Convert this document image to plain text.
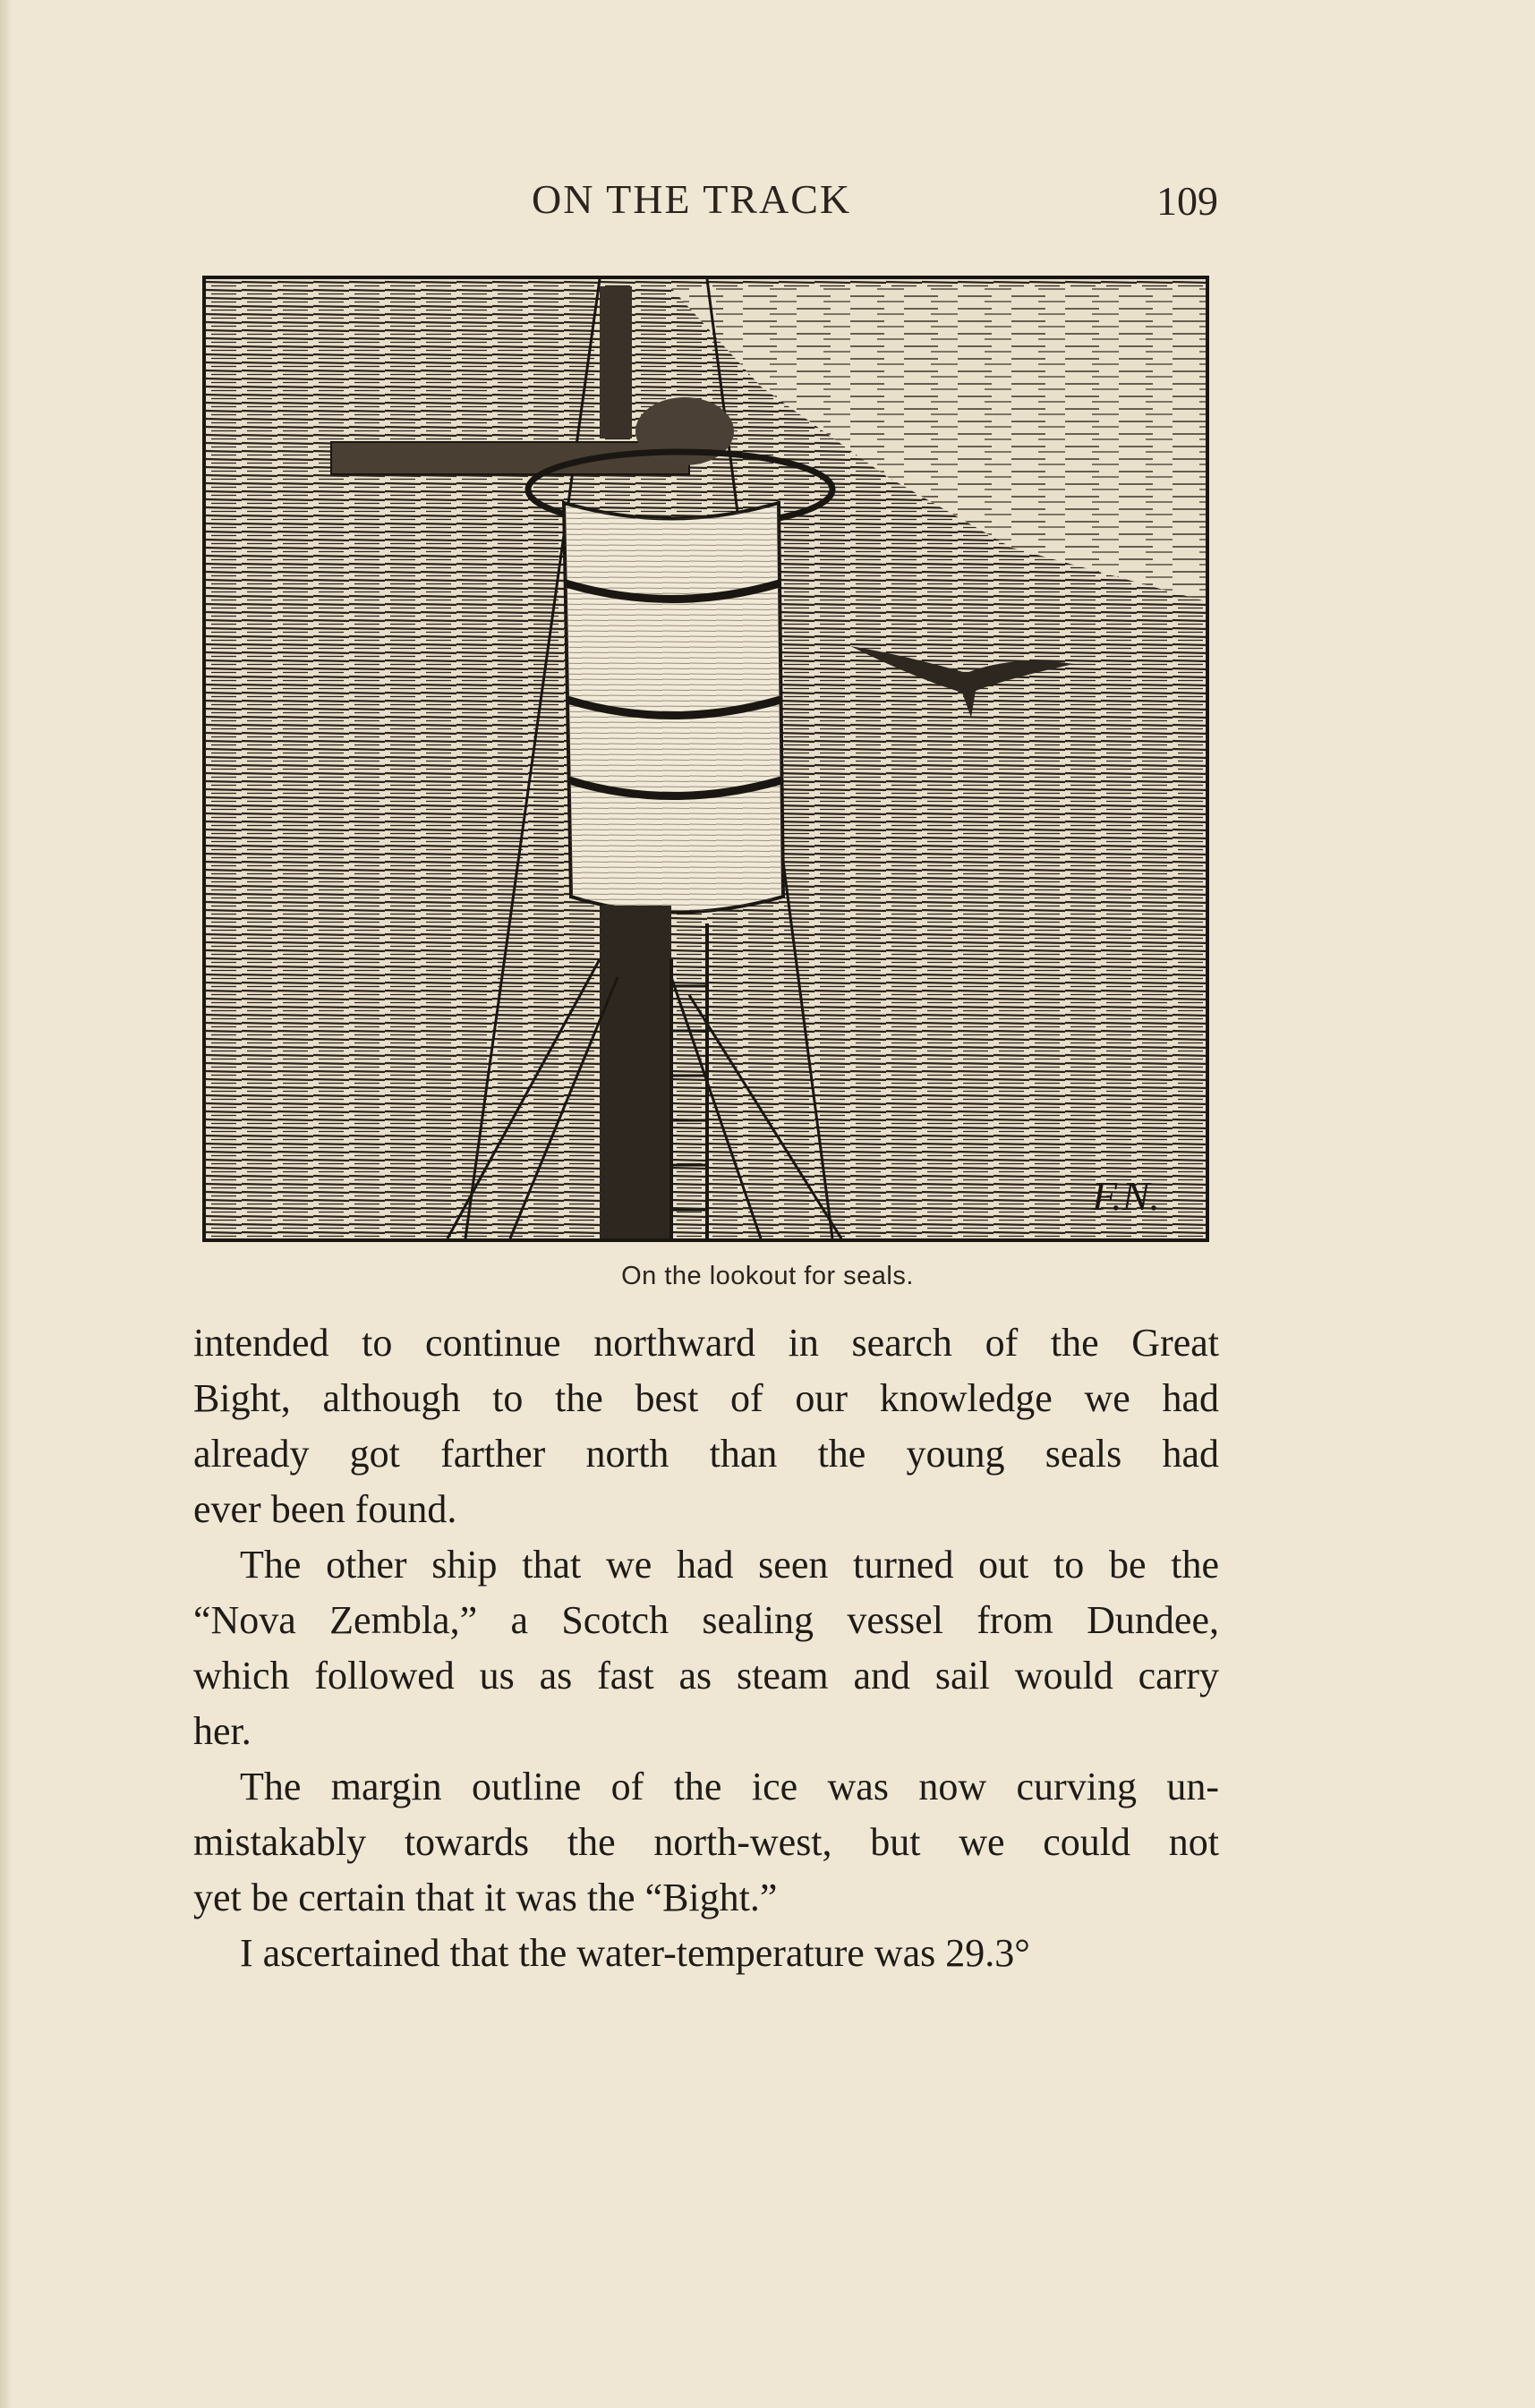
ON THE TRACK	109
F.N.
On the lookout for seals.
intended to continue northward in search of the Great
Bight, although to the best of our knowledge we had
already got farther north than the young seals had
ever been found.
The other ship that we had seen turned out to be the
“Nova Zembla,” a Scotch sealing vessel from Dundee,
which followed us as fast as steam and sail would carry
her.
The margin outline of the ice was now curving un-
mistakably towards the north-west, but we could not
yet be certain that it was the “Bight.”
I ascertained that the water-temperature was 29.3°
